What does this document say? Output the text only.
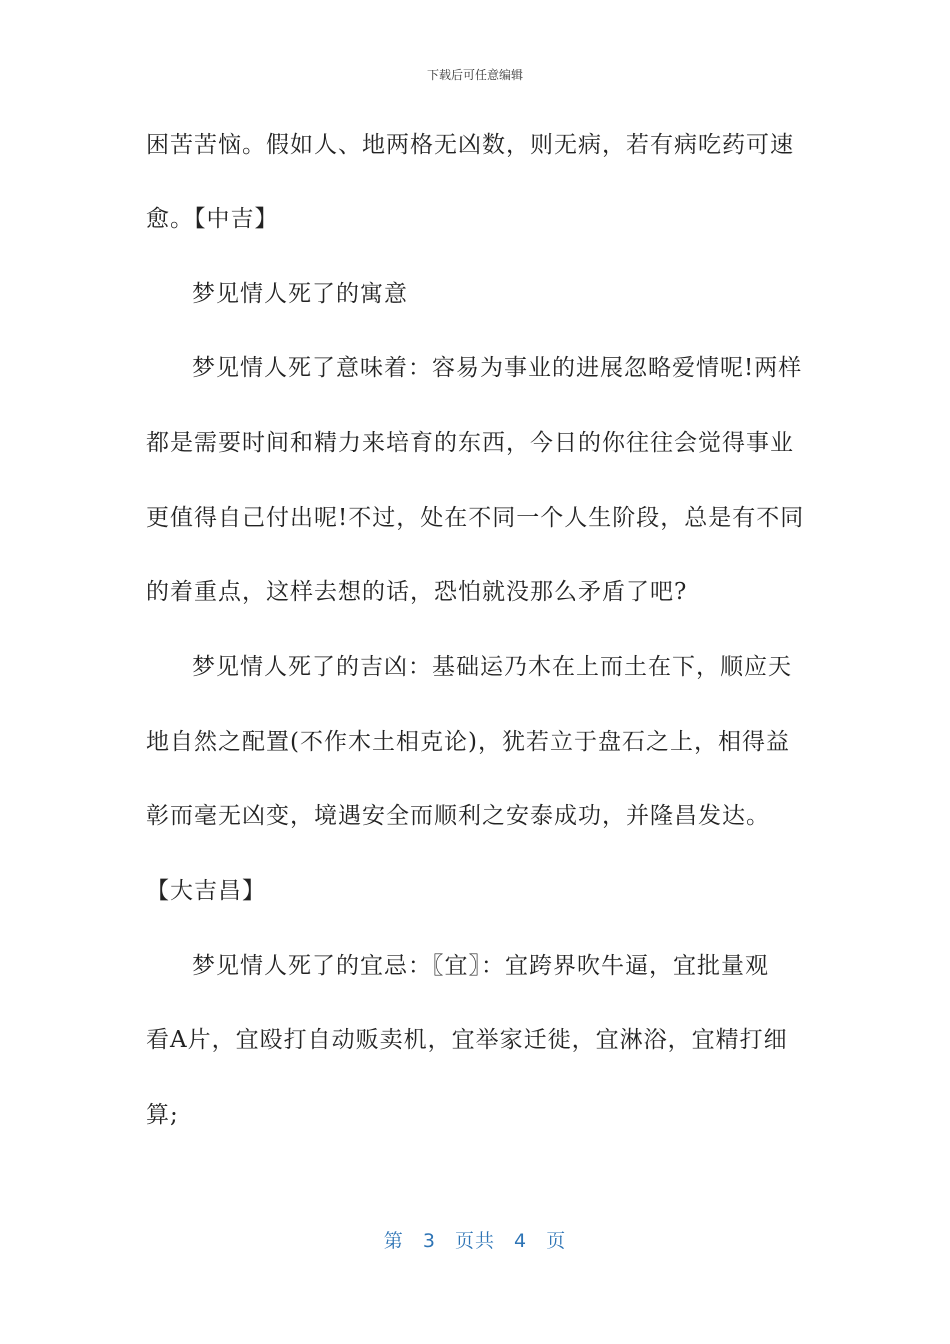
下载后可任意编辑
困苦苦恼。假如人、地两格无凶数，则无病，若有病吃药可速
愈。【中吉】
梦见情人死了的寓意
梦见情人死了意味着：容易为事业的进展忽略爱情呢!两样
都是需要时间和精力来培育的东西，今日的你往往会觉得事业
更值得自己付出呢!不过，处在不同一个人生阶段，总是有不同
的着重点，这样去想的话，恐怕就没那么矛盾了吧?
梦见情人死了的吉凶：基础运乃木在上而土在下，顺应天
地自然之配置(不作木土相克论)，犹若立于盘石之上，相得益
彰而毫无凶变，境遇安全而顺利之安泰成功，并隆昌发达。
【大吉昌】
梦见情人死了的宜忌：〖宜〗：宜跨界吹牛逼，宜批量观
看A片，宜殴打自动贩卖机，宜举家迁徙，宜淋浴，宜精打细
算;
第 3 页共 4 页
